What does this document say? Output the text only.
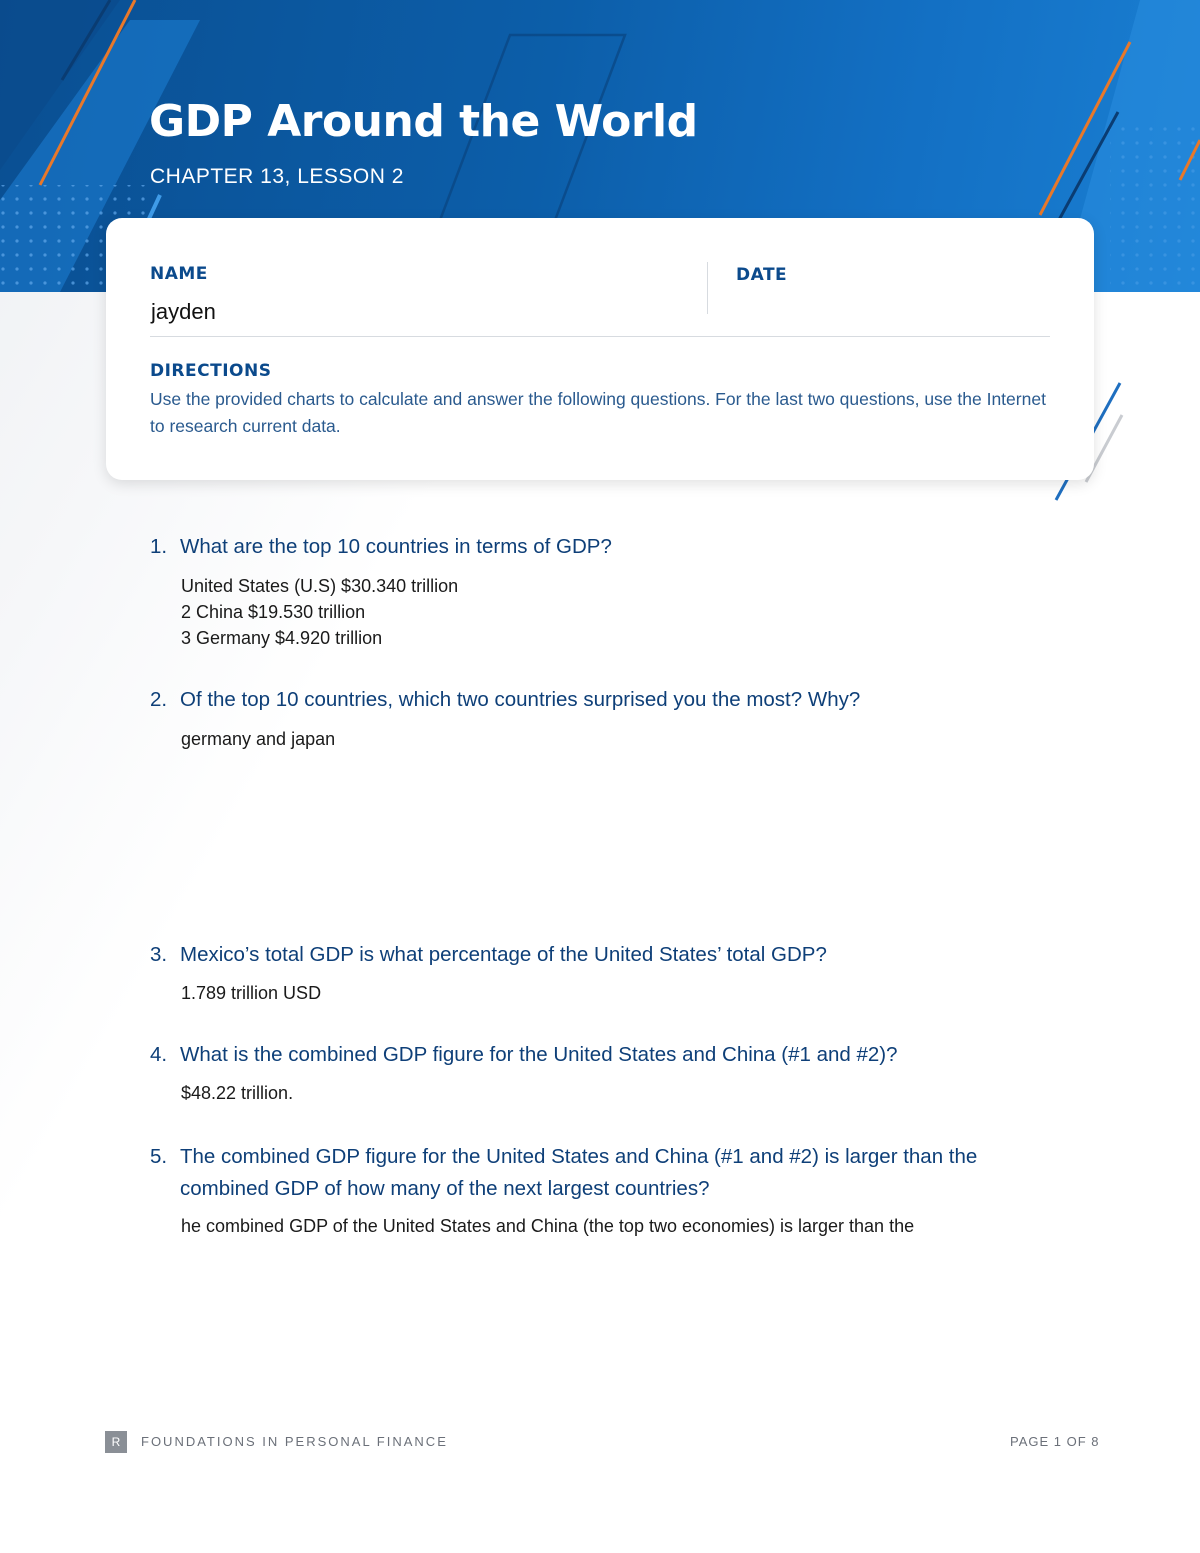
GDP Around the World
CHAPTER 13, LESSON 2
NAME
jayden
DATE
DIRECTIONS
Use the provided charts to calculate and answer the following questions. For the last two questions, use the Internet to research current data.
1. What are the top 10 countries in terms of GDP?
United States (U.S) $30.340 trillion
2 China $19.530 trillion
3 Germany $4.920 trillion
2. Of the top 10 countries, which two countries surprised you the most? Why?
germany and japan
3. Mexico’s total GDP is what percentage of the United States’ total GDP?
1.789 trillion USD
4. What is the combined GDP figure for the United States and China (#1 and #2)?
$48.22 trillion.
5. The combined GDP figure for the United States and China (#1 and #2) is larger than the combined GDP of how many of the next largest countries?
he combined GDP of the United States and China (the top two economies) is larger than the
R	FOUNDATIONS IN PERSONAL FINANCE	PAGE 1 OF 8
